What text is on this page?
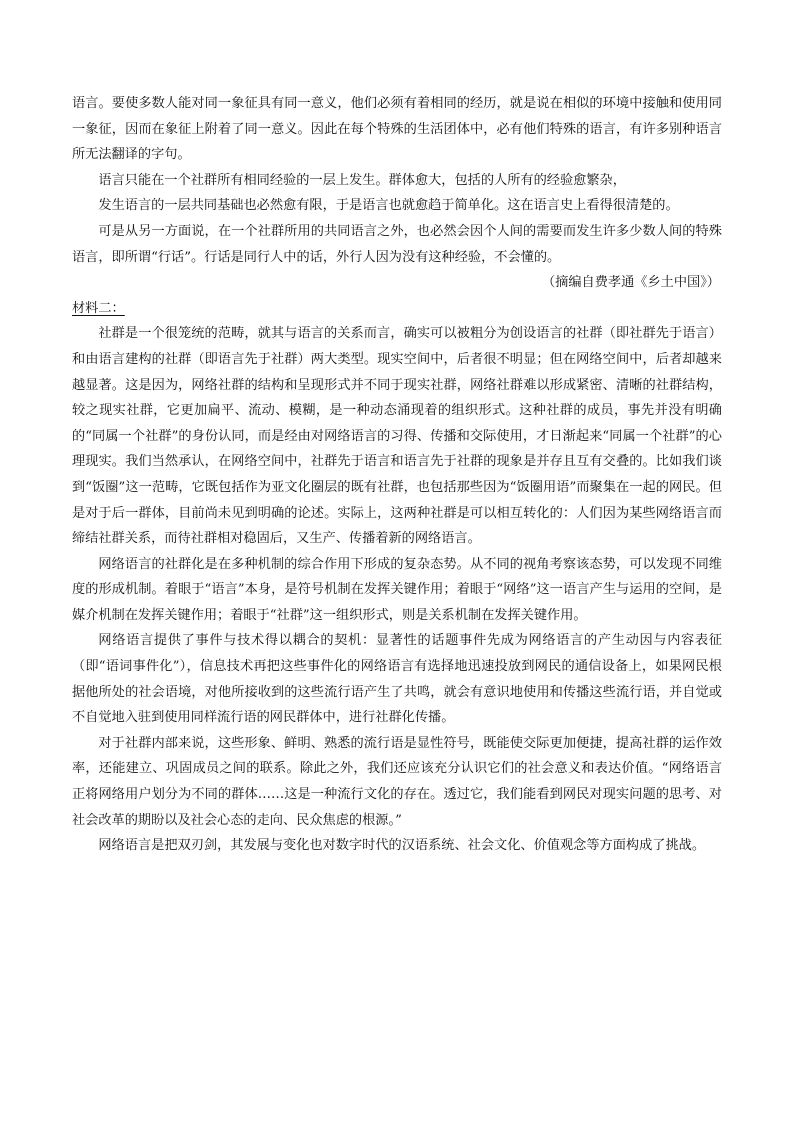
语言。要使多数人能对同一象征具有同一意义，他们必须有着相同的经历，就是说在相似的环境中接触和使用同一象征，因而在象征上附着了同一意义。因此在每个特殊的生活团体中，必有他们特殊的语言，有许多别种语言所无法翻译的字句。

语言只能在一个社群所有相同经验的一层上发生。群体愈大，包括的人所有的经验愈繁杂，

发生语言的一层共同基础也必然愈有限，于是语言也就愈趋于简单化。这在语言史上看得很清楚的。

可是从另一方面说，在一个社群所用的共同语言之外，也必然会因个人间的需要而发生许多少数人间的特殊语言，即所谓“行话”。行话是同行人中的话，外行人因为没有这种经验，不会懂的。

（摘编自费孝通《乡土中国》）

材料二：

社群是一个很笼统的范畴，就其与语言的关系而言，确实可以被粗分为创设语言的社群（即社群先于语言）和由语言建构的社群（即语言先于社群）两大类型。现实空间中，后者很不明显；但在网络空间中，后者却越来越显著。这是因为，网络社群的结构和呈现形式并不同于现实社群，网络社群难以形成紧密、清晰的社群结构，较之现实社群，它更加扁平、流动、模糊，是一种动态涌现着的组织形式。这种社群的成员，事先并没有明确的“同属一个社群”的身份认同，而是经由对网络语言的习得、传播和交际使用，才日渐起来“同属一个社群”的心理现实。我们当然承认，在网络空间中，社群先于语言和语言先于社群的现象是并存且互有交叠的。比如我们谈到“饭圈”这一范畴，它既包括作为亚文化圈层的既有社群，也包括那些因为“饭圈用语”而聚集在一起的网民。但是对于后一群体，目前尚未见到明确的论述。实际上，这两种社群是可以相互转化的：人们因为某些网络语言而缔结社群关系，而待社群相对稳固后，又生产、传播着新的网络语言。

网络语言的社群化是在多种机制的综合作用下形成的复杂态势。从不同的视角考察该态势，可以发现不同维度的形成机制。着眼于“语言”本身，是符号机制在发挥关键作用；着眼于“网络”这一语言产生与运用的空间，是媒介机制在发挥关键作用；着眼于“社群”这一组织形式，则是关系机制在发挥关键作用。

网络语言提供了事件与技术得以耦合的契机：显著性的话题事件先成为网络语言的产生动因与内容表征（即“语词事件化”），信息技术再把这些事件化的网络语言有选择地迅速投放到网民的通信设备上，如果网民根据他所处的社会语境，对他所接收到的这些流行语产生了共鸣，就会有意识地使用和传播这些流行语，并自觉或不自觉地入驻到使用同样流行语的网民群体中，进行社群化传播。

对于社群内部来说，这些形象、鲜明、熟悉的流行语是显性符号，既能使交际更加便捷，提高社群的运作效率，还能建立、巩固成员之间的联系。除此之外，我们还应该充分认识它们的社会意义和表达价值。“网络语言正将网络用户划分为不同的群体……这是一种流行文化的存在。透过它，我们能看到网民对现实问题的思考、对社会改革的期盼以及社会心态的走向、民众焦虑的根源。”

网络语言是把双刃剑，其发展与变化也对数字时代的汉语系统、社会文化、价值观念等方面构成了挑战。
